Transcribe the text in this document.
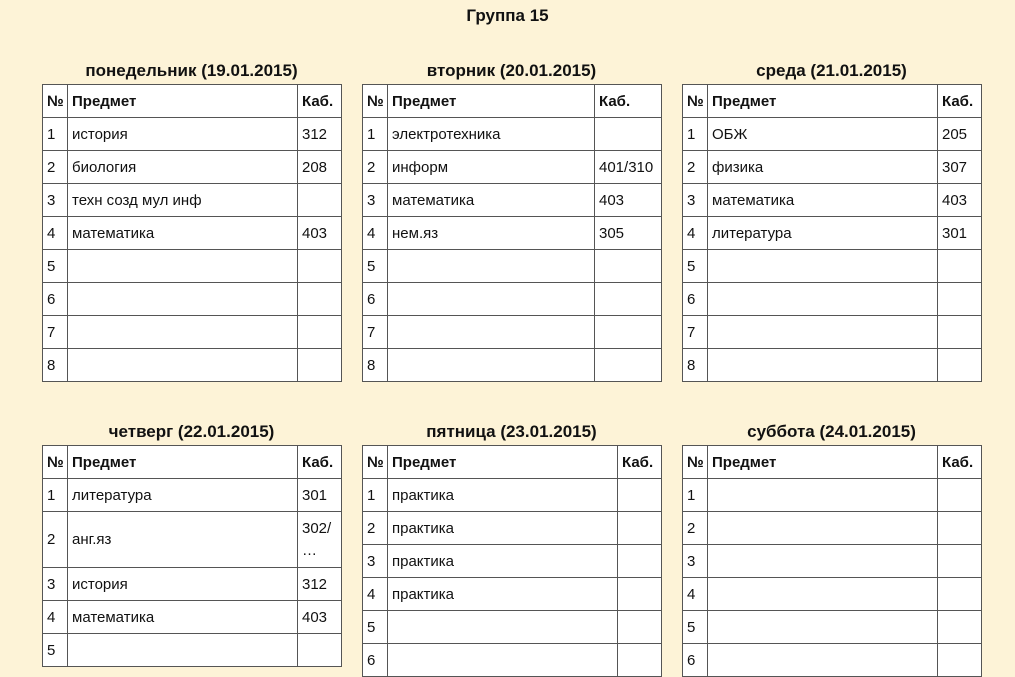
Группа 15
понедельник (19.01.2015)
№	Предмет	Каб.
1	история	312
2	биология	208
3	техн созд мул инф	
4	математика	403
5		
6		
7		
8		
вторник (20.01.2015)
№	Предмет	Каб.
1	электротехника	
2	информ	401/310
3	математика	403
4	нем.яз	305
5		
6		
7		
8		
среда (21.01.2015)
№	Предмет	Каб.
1	ОБЖ	205
2	физика	307
3	математика	403
4	литература	301
5		
6		
7		
8		
четверг (22.01.2015)
№	Предмет	Каб.
1	литература	301
2	анг.яз	302/ …
3	история	312
4	математика	403
5		
пятница (23.01.2015)
№	Предмет	Каб.
1	практика	
2	практика	
3	практика	
4	практика	
5		
6		
суббота (24.01.2015)
№	Предмет	Каб.
1		
2		
3		
4		
5		
6		
